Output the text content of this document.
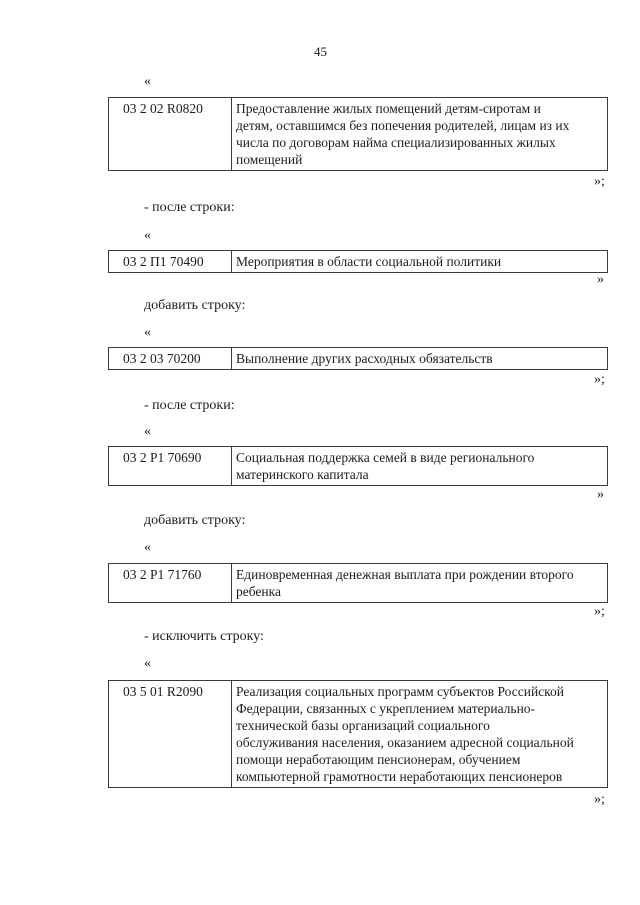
45
«
03 2 02 R0820	Предоставление жилых помещений детям-сиротам и
детям, оставшимся без попечения родителей, лицам из их
числа по договорам найма специализированных жилых
помещений
»;
- после строки:
«
03 2 П1 70490	Мероприятия в области социальной политики
»
добавить строку:
«
03 2 03 70200	Выполнение других расходных обязательств
»;
- после строки:
«
03 2 P1 70690	Социальная поддержка семей в виде регионального
материнского капитала
»
добавить строку:
«
03 2 P1 71760	Единовременная денежная выплата при рождении второго
ребенка
»;
- исключить строку:
«
03 5 01 R2090	Реализация социальных программ субъектов Российской
Федерации, связанных с укреплением материально-
технической базы организаций социального
обслуживания населения, оказанием адресной социальной
помощи неработающим пенсионерам, обучением
компьютерной грамотности неработающих пенсионеров
»;
